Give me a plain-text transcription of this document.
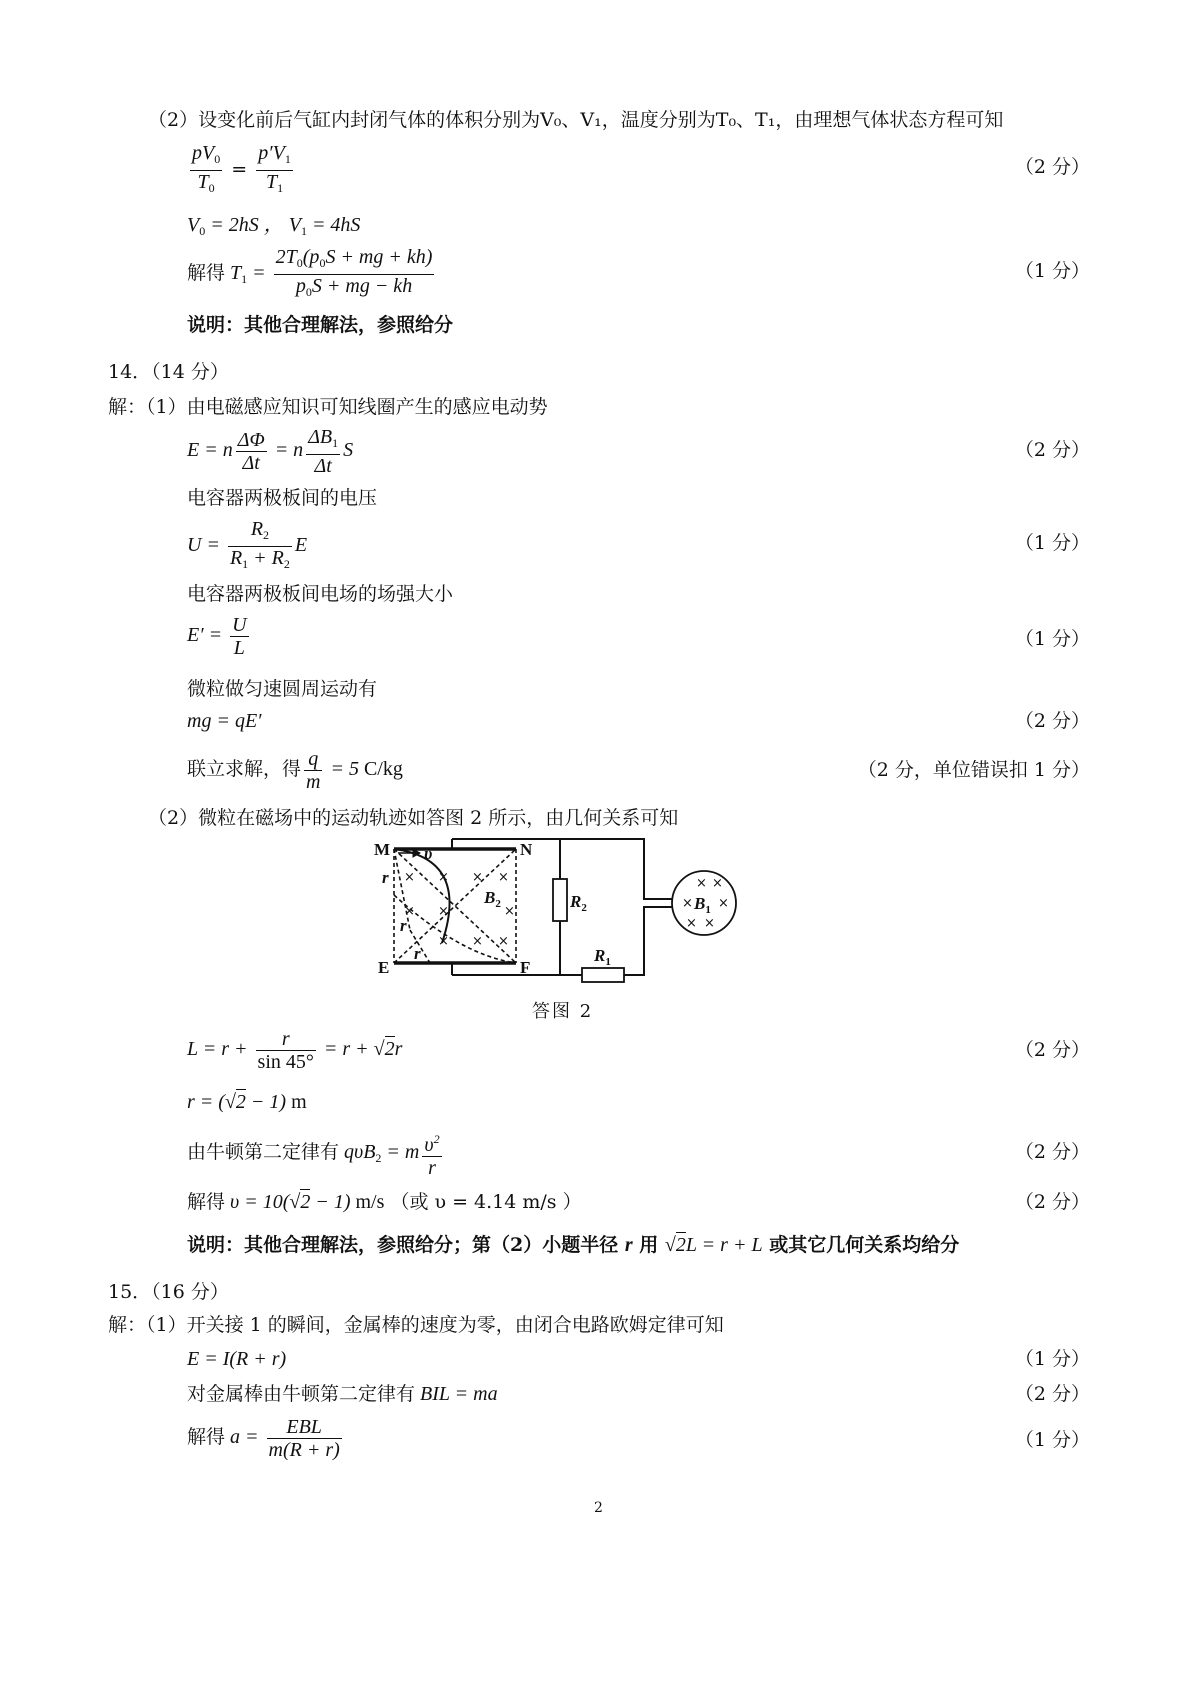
（2）设变化前后气缸内封闭气体的体积分别为V₀、V₁，温度分别为T₀、T₁，由理想气体状态方程可知
$\frac{pV_0}{T_0} = \frac{p'V_1}{T_1}$	（2 分）
$V_0 = 2hS$ ， $V_1 = 4hS$
解得 $T_1 = \frac{2T_0(p_0S + mg + kh)}{p_0S + mg - kh}$	（1 分）
说明：其他合理解法，参照给分
14．（14 分）
解：（1）由电磁感应知识可知线圈产生的感应电动势
E = n $\frac{\Delta\Phi}{\Delta t} = n \frac{\Delta B_1}{\Delta t}$ S	（2 分）
电容器两极板间的电压
$U = \frac{R_2}{R_1 + R_2}$ E	（1 分）
电容器两极板间电场的场强大小
$E' = \frac{U}{L}$	（1 分）
微粒做匀速圆周运动有
mg = qE′	（2 分）
联立求解，得 $\frac{q}{m} = 5$ C/kg	（2 分，单位错误扣 1 分）
（2）微粒在磁场中的运动轨迹如答图 2 所示，由几何关系可知
M	N
E	F
υ
r
r
r
$B_2$	$R_2$
$R_1$
$B_1$
× × × ×
× ×	×
× × ×
× ×
× ×
× ×
答图 2
$L = r + \frac{r}{\sin 45^\circ} = r + √2r$	（2 分）
r = (√2 − 1) m
由牛顿第二定律有 qυB$_2$ = m $\frac{\upsilon^2}{r}$	（2 分）
解得 υ = 10(√2 − 1) m/s （或 υ = 4.14 m/s ）	（2 分）
说明：其他合理解法，参照给分；第（2）小题半径 r 用 √2L = r + L 或其它几何关系均给分
15．（16 分）
解：（1）开关接 1 的瞬间，金属棒的速度为零，由闭合电路欧姆定律可知
E = I(R + r)	（1 分）
对金属棒由牛顿第二定律有 BIL = ma	（2 分）
解得 a =	EBL
m(R + r)	（1 分）
2
